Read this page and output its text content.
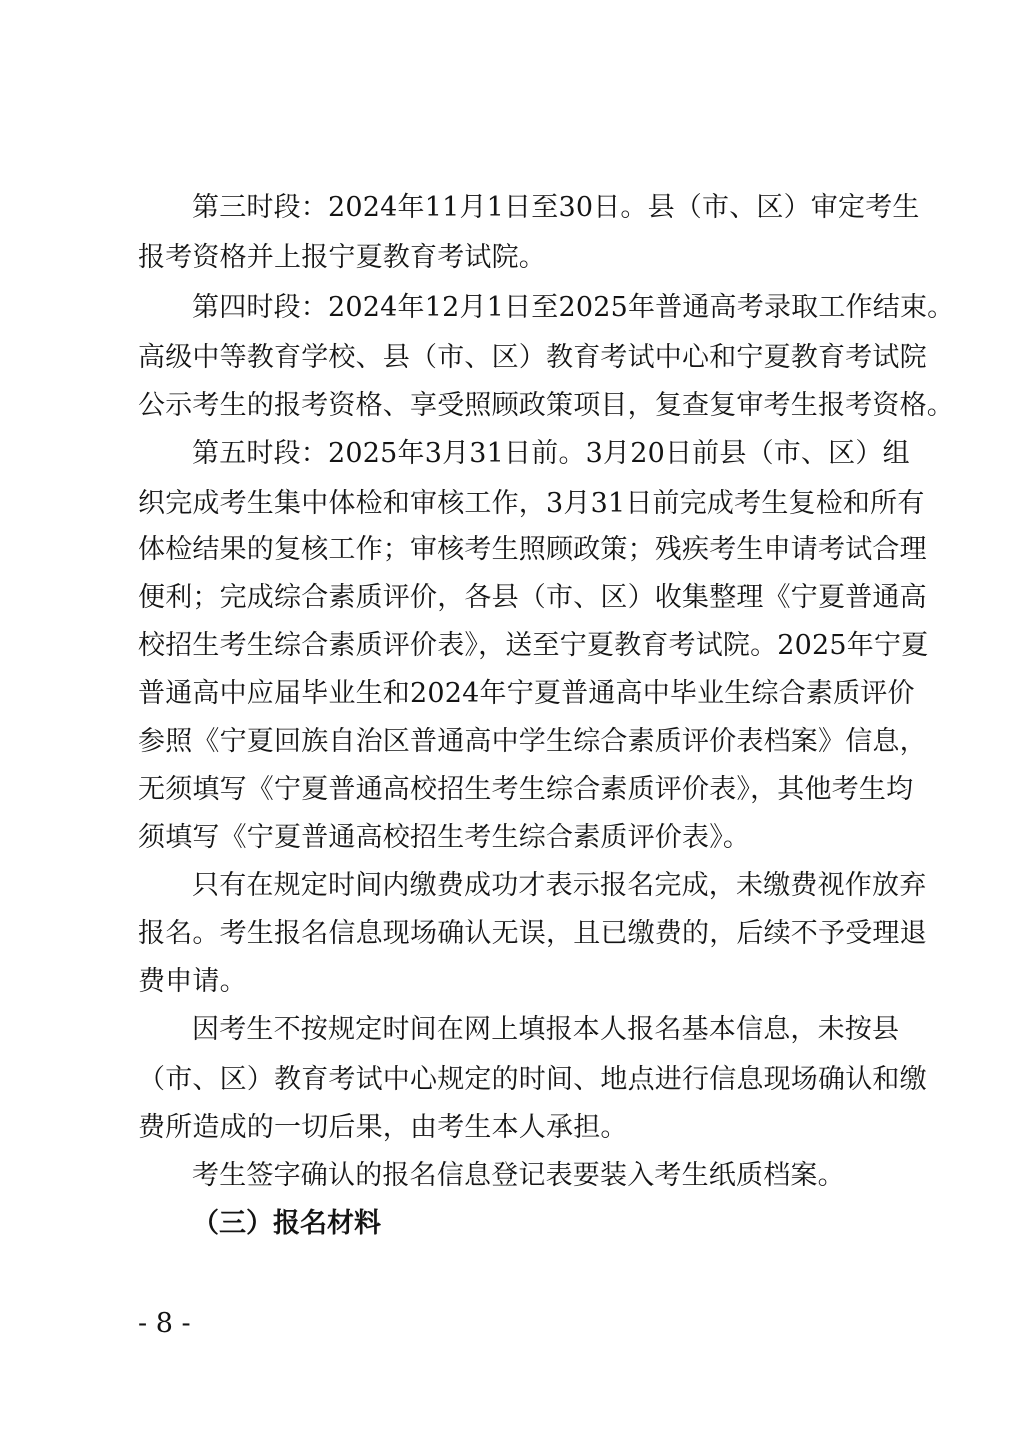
第三时段：2024年11月1日至30日。县（市、区）审定考生
报考资格并上报宁夏教育考试院。
第四时段：2024年12月1日至2025年普通高考录取工作结束。
高级中等教育学校、县（市、区）教育考试中心和宁夏教育考试院
公示考生的报考资格、享受照顾政策项目，复查复审考生报考资格。
第五时段：2025年3月31日前。3月20日前县（市、区）组
织完成考生集中体检和审核工作，3月31日前完成考生复检和所有
体检结果的复核工作；审核考生照顾政策；残疾考生申请考试合理
便利；完成综合素质评价，各县（市、区）收集整理《宁夏普通高
校招生考生综合素质评价表》，送至宁夏教育考试院。2025年宁夏
普通高中应届毕业生和2024年宁夏普通高中毕业生综合素质评价
参照《宁夏回族自治区普通高中学生综合素质评价表档案》信息，
无须填写《宁夏普通高校招生考生综合素质评价表》，其他考生均
须填写《宁夏普通高校招生考生综合素质评价表》。
只有在规定时间内缴费成功才表示报名完成，未缴费视作放弃
报名。考生报名信息现场确认无误，且已缴费的，后续不予受理退
费申请。
因考生不按规定时间在网上填报本人报名基本信息，未按县
（市、区）教育考试中心规定的时间、地点进行信息现场确认和缴
费所造成的一切后果，由考生本人承担。
考生签字确认的报名信息登记表要装入考生纸质档案。
（三）报名材料
- 8 -
